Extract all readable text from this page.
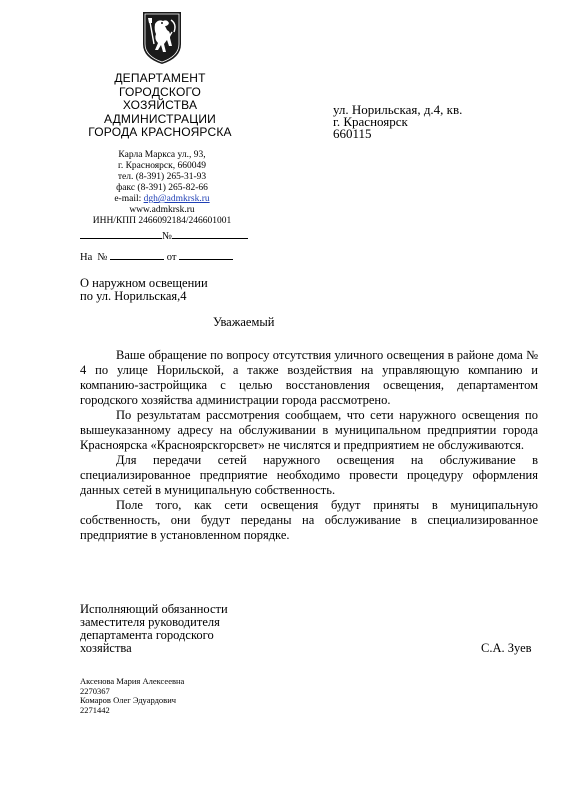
ДЕПАРТАМЕНТ
ГОРОДСКОГО
ХОЗЯЙСТВА
АДМИНИСТРАЦИИ
ГОРОДА КРАСНОЯРСКА
Карла Маркса ул., 93,
г. Красноярск, 660049
тел. (8-391) 265-31-93
факс (8-391) 265-82-66
e-mail: dgh@admkrsk.ru
www.admkrsk.ru
ИНН/КПП 2466092184/246601001
№
На №	от
ул. Норильская, д.4, кв.
г. Красноярск
660115
О наружном освещении
по ул. Норильская,4
Уважаемый

Ваше обращение по вопросу отсутствия уличного освещения в районе дома № 4 по улице Норильской, а также воздействия на управляющую компанию и компанию-застройщика с целью восстановления освещения, департаментом городского хозяйства администрации города рассмотрено.

По результатам рассмотрения сообщаем, что сети наружного освещения по вышеуказанному адресу на обслуживании в муниципальном предприятии города Красноярска «Красноярскгорсвет» не числятся и предприятием не обслуживаются.

Для передачи сетей наружного освещения на обслуживание в специализированное предприятие необходимо провести процедуру оформления данных сетей в муниципальную собственность.

Поле того, как сети освещения будут приняты в муниципальную собственность, они будут переданы на обслуживание в специализированное предприятие в установленном порядке.

Исполняющий обязанности
заместителя руководителя
департамента городского
хозяйства	С.А. Зуев
Аксенова Мария Алексеевна
2270367
Комаров Олег Эдуардович
2271442
